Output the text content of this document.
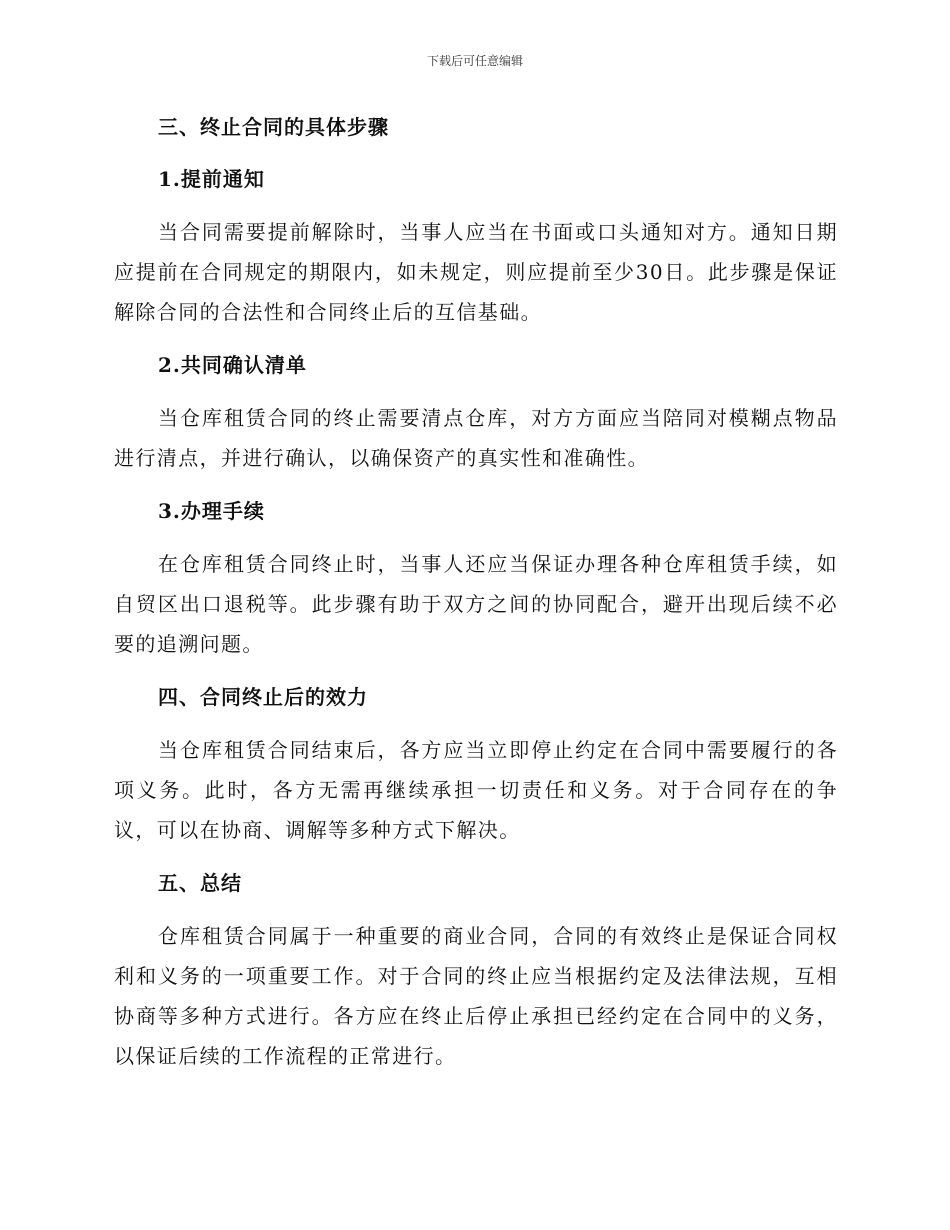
下载后可任意编辑
三、终止合同的具体步骤
1.提前通知

当合同需要提前解除时，当事人应当在书面或口头通知对方。通知日期应提前在合同规定的期限内，如未规定，则应提前至少30日。此步骤是保证解除合同的合法性和合同终止后的互信基础。

2.共同确认清单

当仓库租赁合同的终止需要清点仓库，对方方面应当陪同对模糊点物品进行清点，并进行确认，以确保资产的真实性和准确性。

3.办理手续

在仓库租赁合同终止时，当事人还应当保证办理各种仓库租赁手续，如自贸区出口退税等。此步骤有助于双方之间的协同配合，避开出现后续不必要的追溯问题。

四、合同终止后的效力

当仓库租赁合同结束后，各方应当立即停止约定在合同中需要履行的各项义务。此时，各方无需再继续承担一切责任和义务。对于合同存在的争议，可以在协商、调解等多种方式下解决。

五、总结

仓库租赁合同属于一种重要的商业合同，合同的有效终止是保证合同权利和义务的一项重要工作。对于合同的终止应当根据约定及法律法规，互相协商等多种方式进行。各方应在终止后停止承担已经约定在合同中的义务，以保证后续的工作流程的正常进行。
